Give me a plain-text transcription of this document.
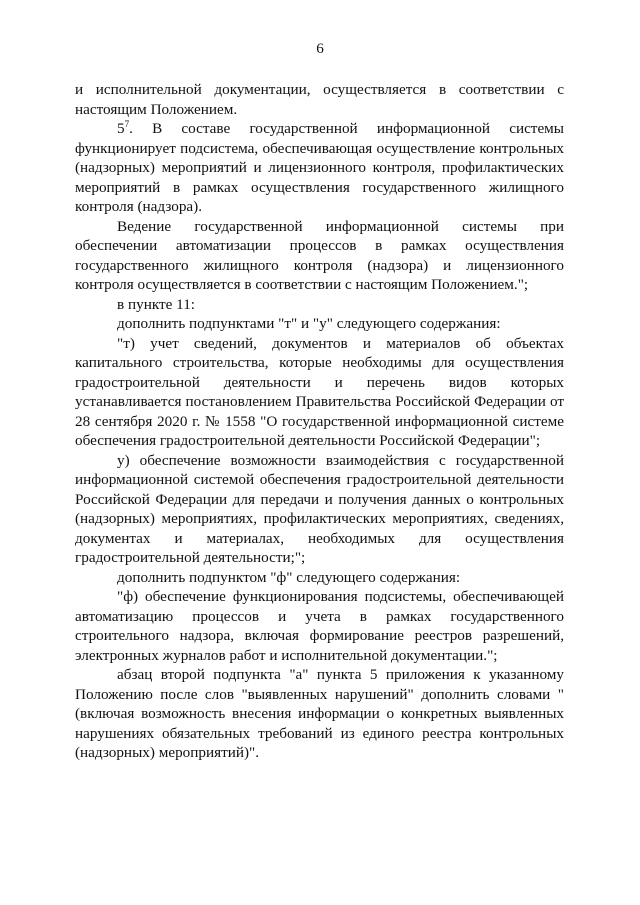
6

и исполнительной документации, осуществляется в соответствии с настоящим Положением.

$5^7$. В составе государственной информационной системы функционирует подсистема, обеспечивающая осуществление контрольных (надзорных) мероприятий и лицензионного контроля, профилактических мероприятий в рамках осуществления государственного жилищного контроля (надзора).

Ведение государственной информационной системы при обеспечении автоматизации процессов в рамках осуществления государственного жилищного контроля (надзора) и лицензионного контроля осуществляется в соответствии с настоящим Положением.";

в пункте 11:

дополнить подпунктами "т" и "у" следующего содержания:

"т) учет сведений, документов и материалов об объектах капитального строительства, которые необходимы для осуществления градостроительной деятельности и перечень видов которых устанавливается постановлением Правительства Российской Федерации от 28 сентября 2020 г. № 1558 "О государственной информационной системе обеспечения градостроительной деятельности Российской Федерации";

у) обеспечение возможности взаимодействия с государственной информационной системой обеспечения градостроительной деятельности Российской Федерации для передачи и получения данных о контрольных (надзорных) мероприятиях, профилактических мероприятиях, сведениях, документах и материалах, необходимых для осуществления градостроительной деятельности;";

дополнить подпунктом "ф" следующего содержания:

"ф) обеспечение функционирования подсистемы, обеспечивающей автоматизацию процессов и учета в рамках государственного строительного надзора, включая формирование реестров разрешений, электронных журналов работ и исполнительной документации.";

абзац второй подпункта "а" пункта 5 приложения к указанному Положению после слов "выявленных нарушений" дополнить словами "(включая возможность внесения информации о конкретных выявленных нарушениях обязательных требований из единого реестра контрольных (надзорных) мероприятий)".
